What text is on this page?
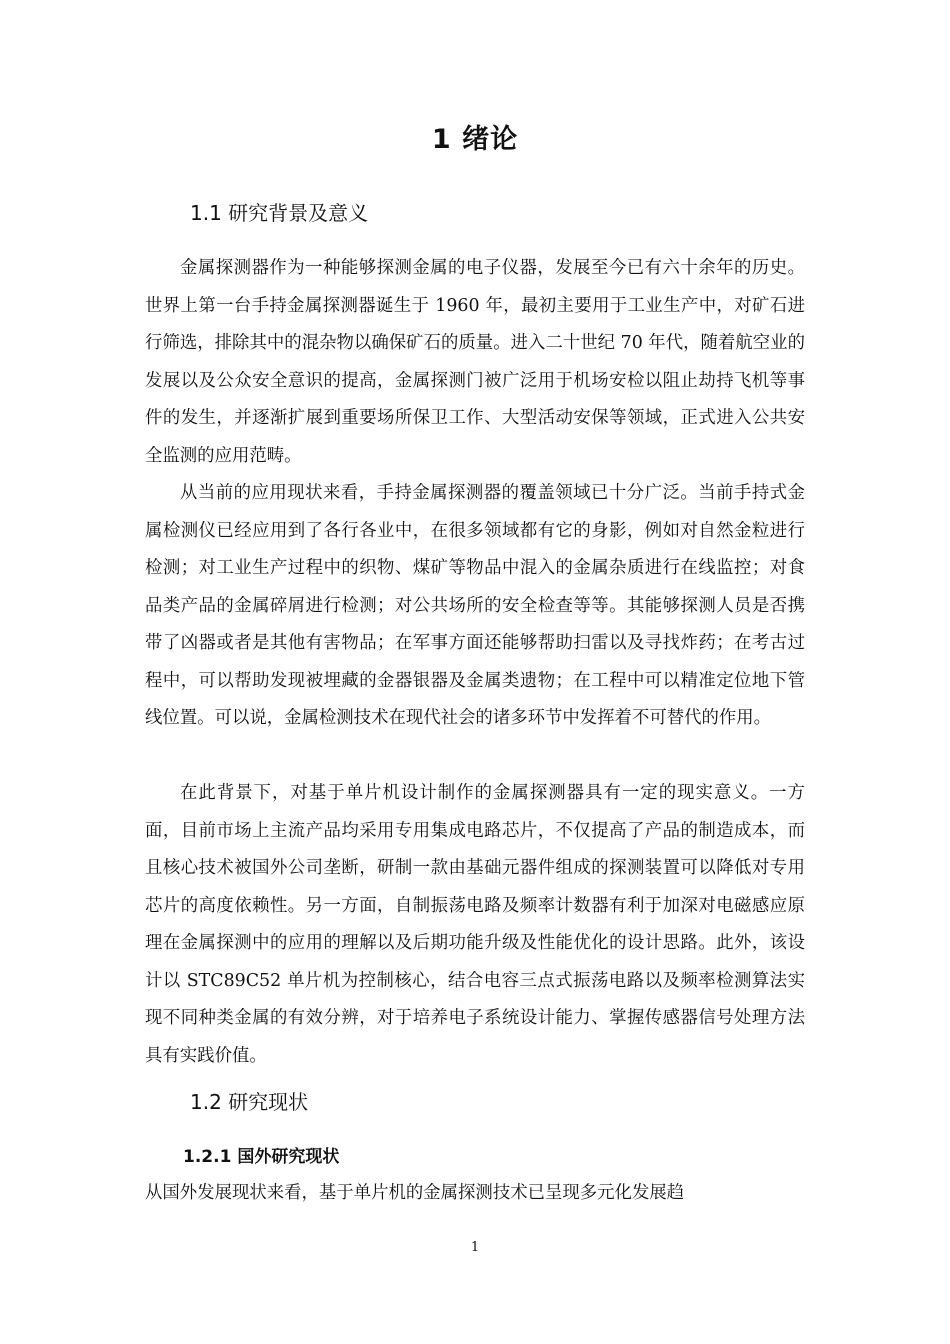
1 绪论
1.1 研究背景及意义

金属探测器作为一种能够探测金属的电子仪器，发展至今已有六十余年的历史。世界上第一台手持金属探测器诞生于 1960 年，最初主要用于工业生产中，对矿石进行筛选，排除其中的混杂物以确保矿石的质量。进入二十世纪 70 年代，随着航空业的发展以及公众安全意识的提高，金属探测门被广泛用于机场安检以阻止劫持飞机等事件的发生，并逐渐扩展到重要场所保卫工作、大型活动安保等领域，正式进入公共安全监测的应用范畴。

从当前的应用现状来看，手持金属探测器的覆盖领域已十分广泛。当前手持式金属检测仪已经应用到了各行各业中，在很多领域都有它的身影，例如对自然金粒进行检测；对工业生产过程中的织物、煤矿等物品中混入的金属杂质进行在线监控；对食品类产品的金属碎屑进行检测；对公共场所的安全检查等等。其能够探测人员是否携带了凶器或者是其他有害物品；在军事方面还能够帮助扫雷以及寻找炸药；在考古过程中，可以帮助发现被埋藏的金器银器及金属类遗物；在工程中可以精准定位地下管线位置。可以说，金属检测技术在现代社会的诸多环节中发挥着不可替代的作用。

在此背景下，对基于单片机设计制作的金属探测器具有一定的现实意义。一方面，目前市场上主流产品均采用专用集成电路芯片，不仅提高了产品的制造成本，而且核心技术被国外公司垄断，研制一款由基础元器件组成的探测装置可以降低对专用芯片的高度依赖性。另一方面，自制振荡电路及频率计数器有利于加深对电磁感应原理在金属探测中的应用的理解以及后期功能升级及性能优化的设计思路。此外，该设计以 STC89C52 单片机为控制核心，结合电容三点式振荡电路以及频率检测算法实现不同种类金属的有效分辨，对于培养电子系统设计能力、掌握传感器信号处理方法具有实践价值。

1.2 研究现状
1.2.1 国外研究现状

从国外发展现状来看，基于单片机的金属探测技术已呈现多元化发展趋

1
